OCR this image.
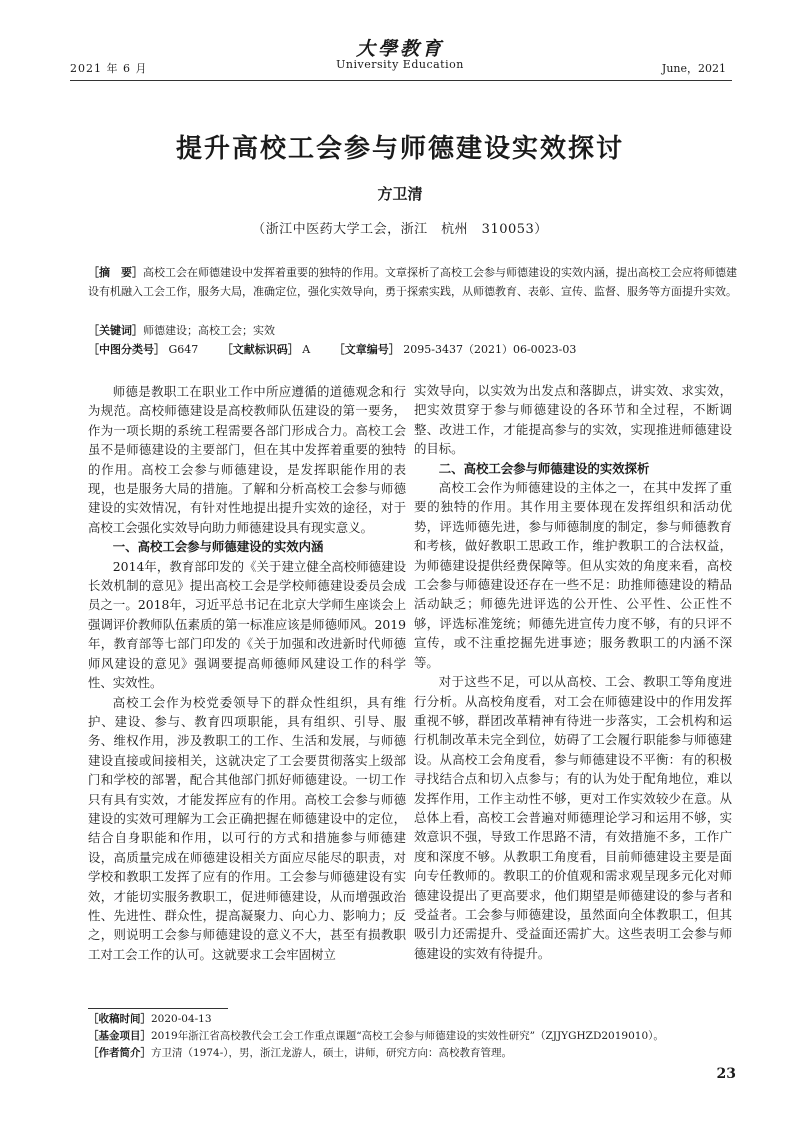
大學教育
2021 年 6 月	University Education	June，2021
提升高校工会参与师德建设实效探讨
方卫清
（浙江中医药大学工会，浙江　杭州　310053）
［摘　要］高校工会在师德建设中发挥着重要的独特的作用。文章探析了高校工会参与师德建设的实效内涵，提出高校工会应将师德建设有机融入工会工作，服务大局，准确定位，强化实效导向，勇于探索实践，从师德教育、表彰、宣传、监督、服务等方面提升实效。
［关键词］师德建设；高校工会；实效
［中图分类号］ G647 ［文献标识码］ A ［文章编号］ 2095-3437（2021）06-0023-03

师德是教职工在职业工作中所应遵循的道德观念和行为规范。高校师德建设是高校教师队伍建设的第一要务，作为一项长期的系统工程需要各部门形成合力。高校工会虽不是师德建设的主要部门，但在其中发挥着重要的独特的作用。高校工会参与师德建设，是发挥职能作用的表现，也是服务大局的措施。了解和分析高校工会参与师德建设的实效情况，有针对性地提出提升实效的途径，对于高校工会强化实效导向助力师德建设具有现实意义。

一、高校工会参与师德建设的实效内涵

2014年，教育部印发的《关于建立健全高校师德建设长效机制的意见》提出高校工会是学校师德建设委员会成员之一。2018年，习近平总书记在北京大学师生座谈会上强调评价教师队伍素质的第一标准应该是师德师风。2019年，教育部等七部门印发的《关于加强和改进新时代师德师风建设的意见》强调要提高师德师风建设工作的科学性、实效性。

高校工会作为校党委领导下的群众性组织，具有维护、建设、参与、教育四项职能，具有组织、引导、服务、维权作用，涉及教职工的工作、生活和发展，与师德建设直接或间接相关，这就决定了工会要贯彻落实上级部门和学校的部署，配合其他部门抓好师德建设。一切工作只有具有实效，才能发挥应有的作用。高校工会参与师德建设的实效可理解为工会正确把握在师德建设中的定位，结合自身职能和作用，以可行的方式和措施参与师德建设，高质量完成在师德建设相关方面应尽能尽的职责，对学校和教职工发挥了应有的作用。工会参与师德建设有实效，才能切实服务教职工，促进师德建设，从而增强政治性、先进性、群众性，提高凝聚力、向心力、影响力；反之，则说明工会参与师德建设的意义不大，甚至有损教职工对工会工作的认可。这就要求工会牢固树立

实效导向，以实效为出发点和落脚点，讲实效、求实效，把实效贯穿于参与师德建设的各环节和全过程，不断调整、改进工作，才能提高参与的实效，实现推进师德建设的目标。

二、高校工会参与师德建设的实效探析

高校工会作为师德建设的主体之一，在其中发挥了重要的独特的作用。其作用主要体现在发挥组织和活动优势，评选师德先进，参与师德制度的制定，参与师德教育和考核，做好教职工思政工作，维护教职工的合法权益，为师德建设提供经费保障等。但从实效的角度来看，高校工会参与师德建设还存在一些不足：助推师德建设的精品活动缺乏；师德先进评选的公开性、公平性、公正性不够，评选标准笼统；师德先进宣传力度不够，有的只评不宣传，或不注重挖掘先进事迹；服务教职工的内涵不深等。

对于这些不足，可以从高校、工会、教职工等角度进行分析。从高校角度看，对工会在师德建设中的作用发挥重视不够，群团改革精神有待进一步落实，工会机构和运行机制改革未完全到位，妨碍了工会履行职能参与师德建设。从高校工会角度看，参与师德建设不平衡：有的积极寻找结合点和切入点参与；有的认为处于配角地位，难以发挥作用，工作主动性不够，更对工作实效较少在意。从总体上看，高校工会普遍对师德理论学习和运用不够，实效意识不强，导致工作思路不清，有效措施不多，工作广度和深度不够。从教职工角度看，目前师德建设主要是面向专任教师的。教职工的价值观和需求观呈现多元化对师德建设提出了更高要求，他们期望是师德建设的参与者和受益者。工会参与师德建设，虽然面向全体教职工，但其吸引力还需提升、受益面还需扩大。这些表明工会参与师德建设的实效有待提升。

［收稿时间］2020-04-13
［基金项目］2019年浙江省高校教代会工会工作重点课题“高校工会参与师德建设的实效性研究”（ZJJYGHZD2019010）。
［作者简介］方卫清（1974-），男，浙江龙游人，硕士，讲师，研究方向：高校教育管理。
23
